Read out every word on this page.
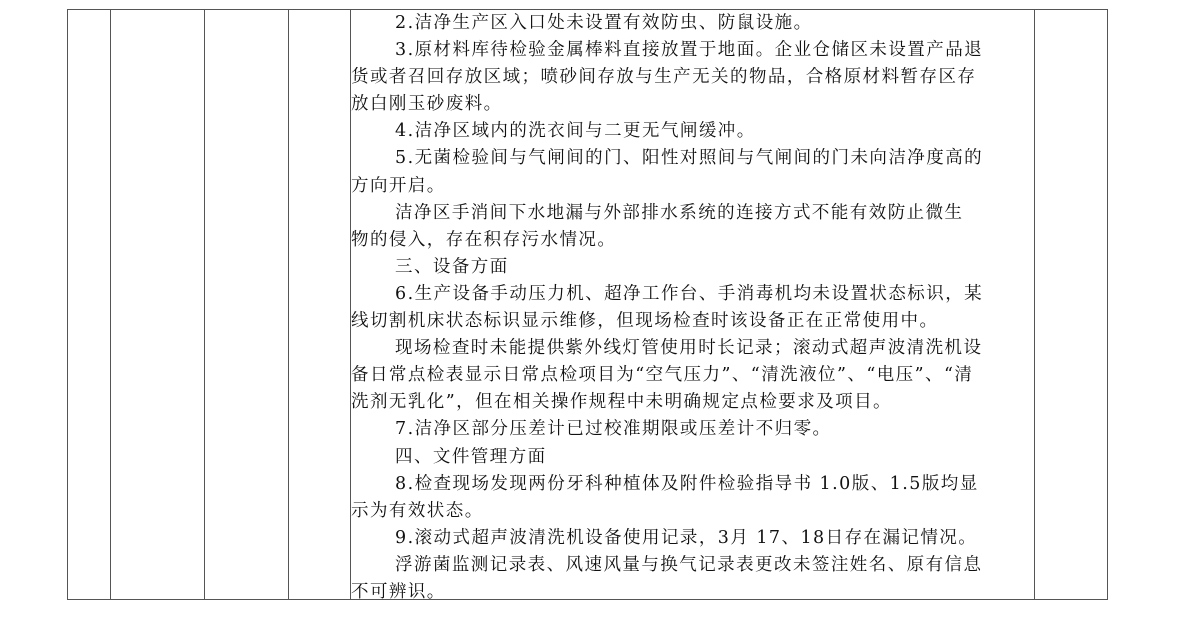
2.洁净生产区入口处未设置有效防虫、防鼠设施。
3.原材料库待检验金属棒料直接放置于地面。企业仓储区未设置产品退
货或者召回存放区域；喷砂间存放与生产无关的物品，合格原材料暂存区存
放白刚玉砂废料。
4.洁净区域内的洗衣间与二更无气闸缓冲。
5.无菌检验间与气闸间的门、阳性对照间与气闸间的门未向洁净度高的
方向开启。
洁净区手消间下水地漏与外部排水系统的连接方式不能有效防止微生
物的侵入，存在积存污水情况。
三、设备方面
6.生产设备手动压力机、超净工作台、手消毒机均未设置状态标识，某
线切割机床状态标识显示维修，但现场检查时该设备正在正常使用中。
现场检查时未能提供紫外线灯管使用时长记录；滚动式超声波清洗机设
备日常点检表显示日常点检项目为“空气压力”、“清洗液位”、“电压”、“清
洗剂无乳化”，但在相关操作规程中未明确规定点检要求及项目。
7.洁净区部分压差计已过校准期限或压差计不归零。
四、文件管理方面
8.检查现场发现两份牙科种植体及附件检验指导书 1.0版、1.5版均显
示为有效状态。
9.滚动式超声波清洗机设备使用记录，3月 17、18日存在漏记情况。
浮游菌监测记录表、风速风量与换气记录表更改未签注姓名、原有信息
不可辨识。
